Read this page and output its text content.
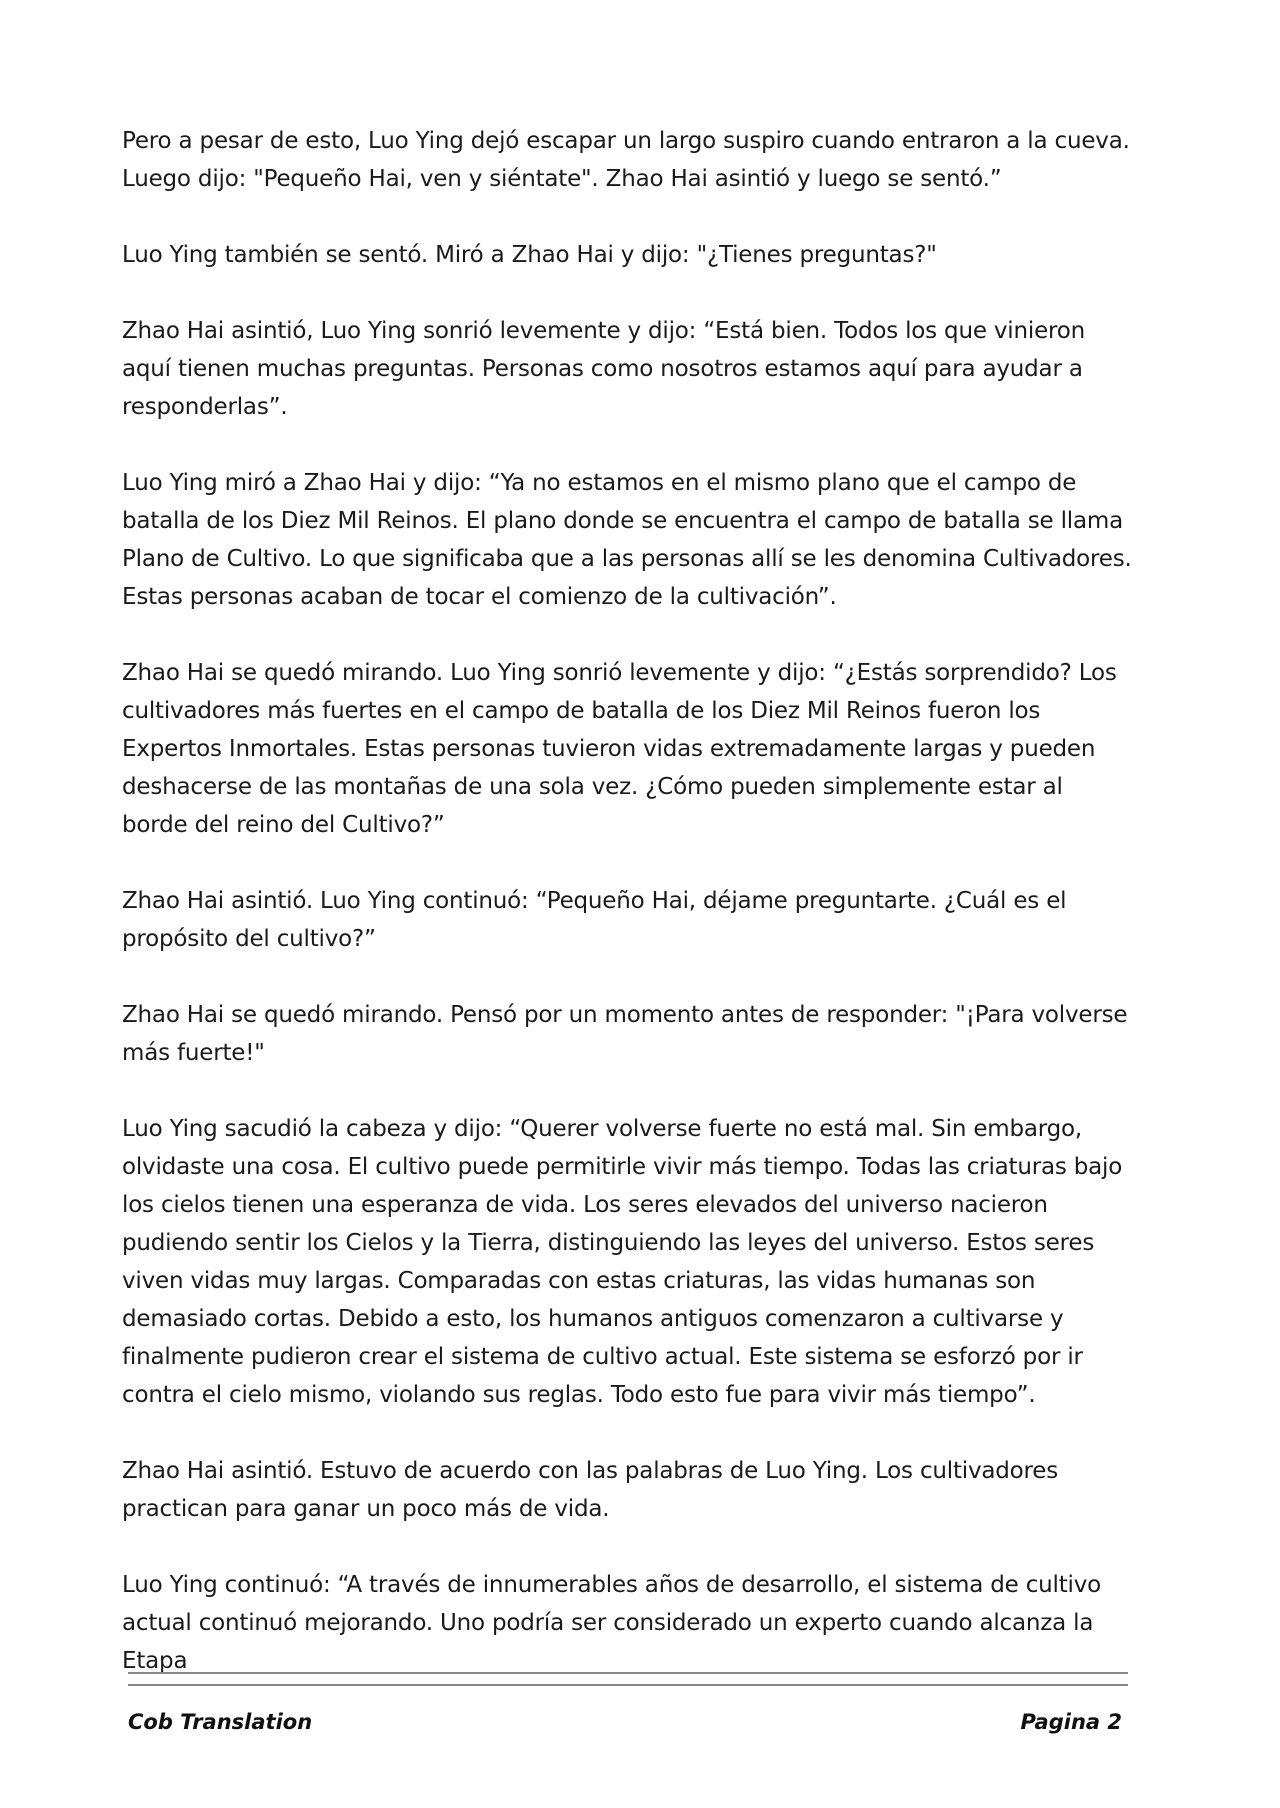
Pero a pesar de esto, Luo Ying dejó escapar un largo suspiro cuando entraron a la cueva. Luego dijo: "Pequeño Hai, ven y siéntate". Zhao Hai asintió y luego se sentó.”

Luo Ying también se sentó. Miró a Zhao Hai y dijo: "¿Tienes preguntas?"

Zhao Hai asintió, Luo Ying sonrió levemente y dijo: “Está bien. Todos los que vinieron aquí tienen muchas preguntas. Personas como nosotros estamos aquí para ayudar a responderlas”.

Luo Ying miró a Zhao Hai y dijo: “Ya no estamos en el mismo plano que el campo de batalla de los Diez Mil Reinos. El plano donde se encuentra el campo de batalla se llama Plano de Cultivo. Lo que significaba que a las personas allí se les denomina Cultivadores. Estas personas acaban de tocar el comienzo de la cultivación”.

Zhao Hai se quedó mirando. Luo Ying sonrió levemente y dijo: “¿Estás sorprendido? Los cultivadores más fuertes en el campo de batalla de los Diez Mil Reinos fueron los Expertos Inmortales. Estas personas tuvieron vidas extremadamente largas y pueden deshacerse de las montañas de una sola vez. ¿Cómo pueden simplemente estar al borde del reino del Cultivo?”

Zhao Hai asintió. Luo Ying continuó: “Pequeño Hai, déjame preguntarte. ¿Cuál es el propósito del cultivo?”

Zhao Hai se quedó mirando. Pensó por un momento antes de responder: "¡Para volverse más fuerte!"

Luo Ying sacudió la cabeza y dijo: “Querer volverse fuerte no está mal. Sin embargo, olvidaste una cosa. El cultivo puede permitirle vivir más tiempo. Todas las criaturas bajo los cielos tienen una esperanza de vida. Los seres elevados del universo nacieron pudiendo sentir los Cielos y la Tierra, distinguiendo las leyes del universo. Estos seres viven vidas muy largas. Comparadas con estas criaturas, las vidas humanas son demasiado cortas. Debido a esto, los humanos antiguos comenzaron a cultivarse y finalmente pudieron crear el sistema de cultivo actual. Este sistema se esforzó por ir contra el cielo mismo, violando sus reglas. Todo esto fue para vivir más tiempo”.

Zhao Hai asintió. Estuvo de acuerdo con las palabras de Luo Ying. Los cultivadores practican para ganar un poco más de vida.

Luo Ying continuó: “A través de innumerables años de desarrollo, el sistema de cultivo actual continuó mejorando. Uno podría ser considerado un experto cuando alcanza la Etapa

Cob Translation	Pagina 2
